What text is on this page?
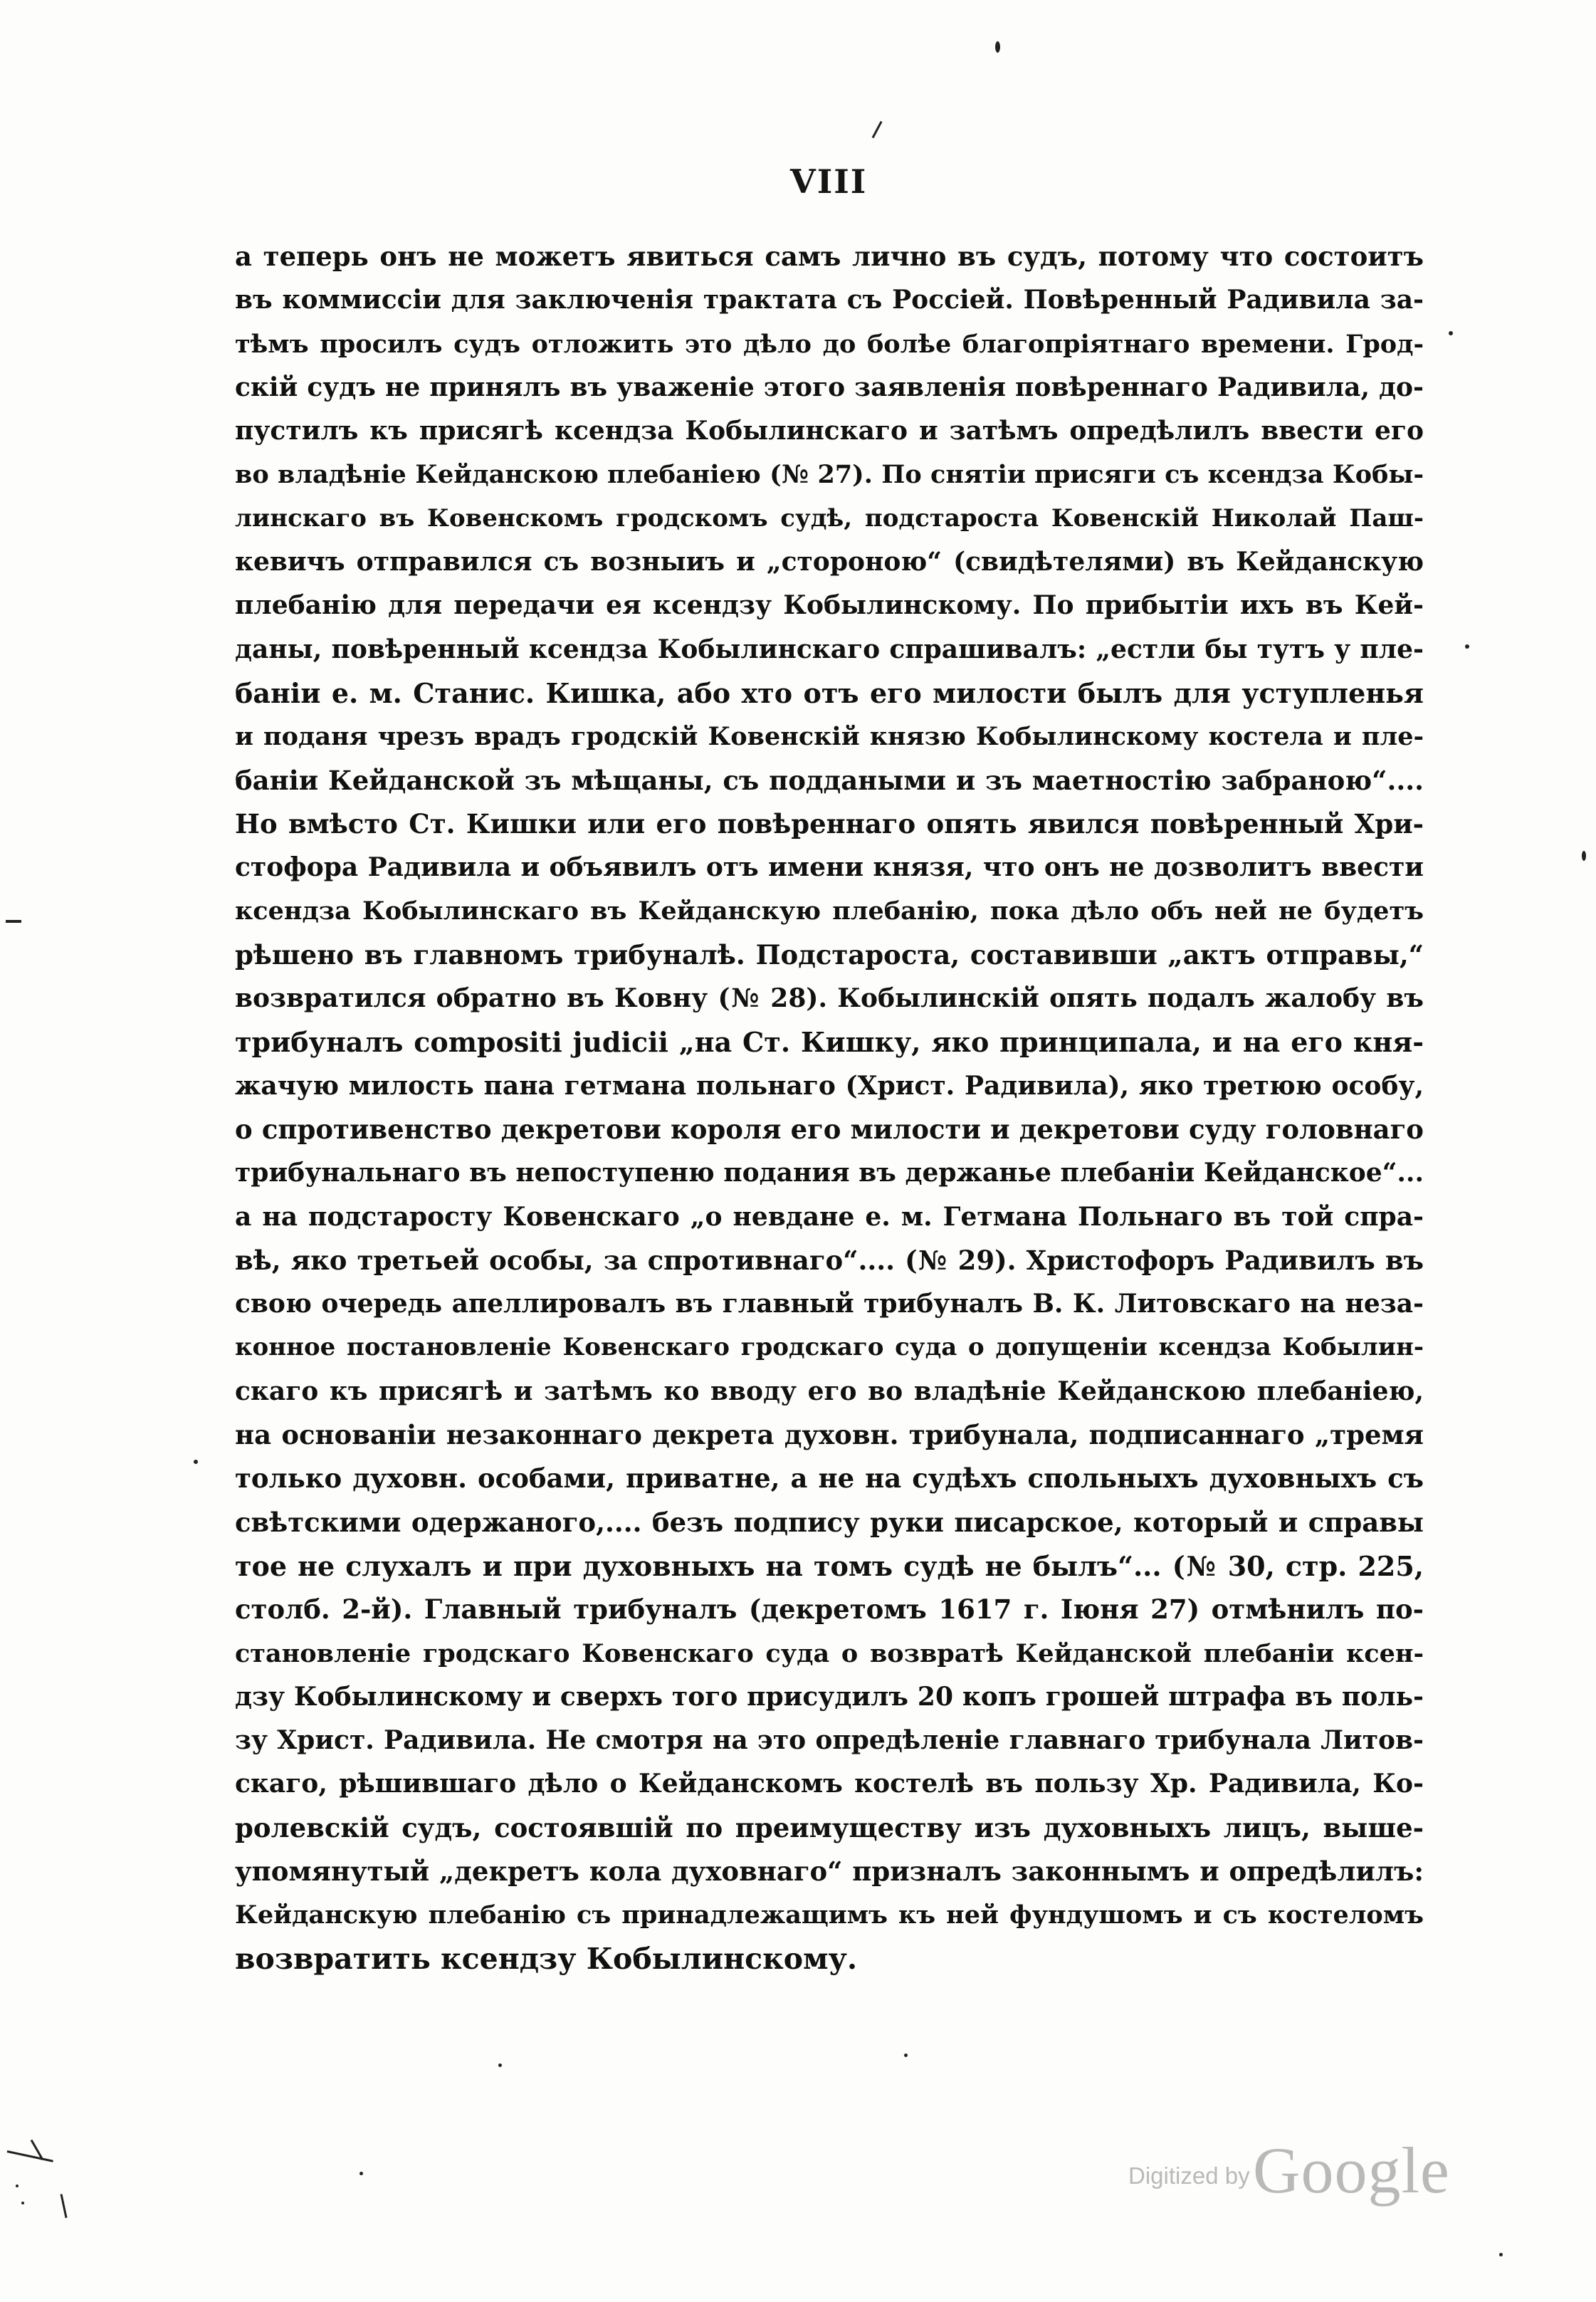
VIII
а теперь онъ не можетъ явиться самъ лично въ судъ, потому что состоитъ
въ коммиссіи для заключенія трактата съ Россіей. Повѣренный Радивила за-
тѣмъ просилъ судъ отложить это дѣло до болѣе благопріятнаго времени. Грод-
скій судъ не принялъ въ уваженіе этого заявленія повѣреннаго Радивила, до-
пустилъ къ присягѣ ксендза Кобылинскаго и затѣмъ опредѣлилъ ввести его
во владѣніе Кейданскою плебаніею (№ 27). По снятіи присяги съ ксендза Кобы-
линскаго въ Ковенскомъ гродскомъ судѣ, подстароста Ковенскій Николай Паш-
кевичъ отправился съ возныиъ и „стороною“ (свидѣтелями) въ Кейданскую
плебанію для передачи ея ксендзу Кобылинскому. По прибытіи ихъ въ Кей-
даны, повѣренный ксендза Кобылинскаго спрашивалъ: „естли бы тутъ у пле-
баніи е. м. Станис. Кишка, або хто отъ его милости былъ для уступленья
и поданя чрезъ врадъ гродскій Ковенскій князю Кобылинскому костела и пле-
баніи Кейданской зъ мѣщаны, съ поддаными и зъ маетностію забраною“....
Но вмѣсто Ст. Кишки или его повѣреннаго опять явился повѣренный Хри-
стофора Радивила и объявилъ отъ имени князя, что онъ не дозволитъ ввести
ксендза Кобылинскаго въ Кейданскую плебанію, пока дѣло объ ней не будетъ
рѣшено въ главномъ трибуналѣ. Подстароста, составивши „актъ отправы,“
возвратился обратно въ Ковну (№ 28). Кобылинскій опять подалъ жалобу въ
трибуналъ compositi judicii „на Ст. Кишку, яко принципала, и на его кня-
жачую милость пана гетмана польнаго (Христ. Радивила), яко третюю особу,
о спротивенство декретови короля его милости и декретови суду головнаго
трибунальнаго въ непоступеню подания въ держанье плебаніи Кейданское“...
а на подстаросту Ковенскаго „о невдане е. м. Гетмана Польнаго въ той спра-
вѣ, яко третьей особы, за спротивнаго“.... (№ 29). Христофоръ Радивилъ въ
свою очередь апеллировалъ въ главный трибуналъ В. К. Литовскаго на неза-
конное постановленіе Ковенскаго гродскаго суда о допущеніи ксендза Кобылин-
скаго къ присягѣ и затѣмъ ко вводу его во владѣніе Кейданскою плебаніею,
на основаніи незаконнаго декрета духовн. трибунала, подписаннаго „тремя
только духовн. особами, приватне, а не на судѣхъ спольныхъ духовныхъ съ
свѣтскими одержаного,.... безъ подпису руки писарское, который и справы
тое не слухалъ и при духовныхъ на томъ судѣ не былъ“... (№ 30, стр. 225,
столб. 2-й). Главный трибуналъ (декретомъ 1617 г. Іюня 27) отмѣнилъ по-
становленіе гродскаго Ковенскаго суда о возвратѣ Кейданской плебаніи ксен-
дзу Кобылинскому и сверхъ того присудилъ 20 копъ грошей штрафа въ поль-
зу Христ. Радивила. Не смотря на это опредѣленіе главнаго трибунала Литов-
скаго, рѣшившаго дѣло о Кейданскомъ костелѣ въ пользу Хр. Радивила, Ко-
ролевскій судъ, состоявшій по преимуществу изъ духовныхъ лицъ, выше-
упомянутый „декретъ кола духовнаго“ призналъ законнымъ и опредѣлилъ:
Кейданскую плебанію съ принадлежащимъ къ ней фундушомъ и съ костеломъ
возвратить ксендзу Кобылинскому.
Digitized by Google
